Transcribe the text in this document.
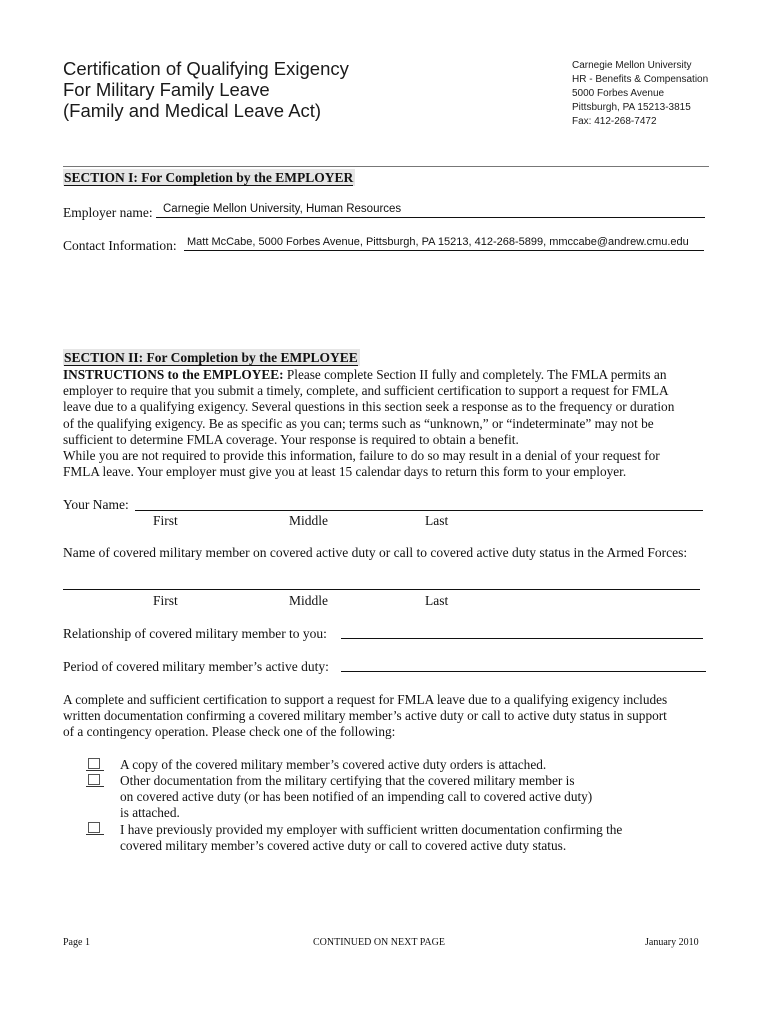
Certification of Qualifying Exigency
For Military Family Leave
(Family and Medical Leave Act)
Carnegie Mellon University
HR - Benefits & Compensation
5000 Forbes Avenue
Pittsburgh, PA 15213-3815
Fax: 412-268-7472
SECTION I: For Completion by the EMPLOYER
Employer name: Carnegie Mellon University, Human Resources
Contact Information: Matt McCabe, 5000 Forbes Avenue, Pittsburgh, PA 15213, 412-268-5899, mmccabe@andrew.cmu.edu
SECTION II: For Completion by the EMPLOYEE

INSTRUCTIONS to the EMPLOYEE: Please complete Section II fully and completely. The FMLA permits an

employer to require that you submit a timely, complete, and sufficient certification to support a request for FMLA

leave due to a qualifying exigency. Several questions in this section seek a response as to the frequency or duration

of the qualifying exigency. Be as specific as you can; terms such as “unknown,” or “indeterminate” may not be

sufficient to determine FMLA coverage. Your response is required to obtain a benefit.

While you are not required to provide this information, failure to do so may result in a denial of your request for

FMLA leave. Your employer must give you at least 15 calendar days to return this form to your employer.

Your Name:
First	Middle	Last
Name of covered military member on covered active duty or call to covered active duty status in the Armed Forces:
First	Middle	Last
Relationship of covered military member to you:
Period of covered military member’s active duty:

A complete and sufficient certification to support a request for FMLA leave due to a qualifying exigency includes

written documentation confirming a covered military member’s active duty or call to active duty status in support

of a contingency operation. Please check one of the following:

A copy of the covered military member’s covered active duty orders is attached.

Other documentation from the military certifying that the covered military member is

on covered active duty (or has been notified of an impending call to covered active duty)

is attached.

I have previously provided my employer with sufficient written documentation confirming the

covered military member’s covered active duty or call to covered active duty status.

Page 1	CONTINUED ON NEXT PAGE	January 2010
